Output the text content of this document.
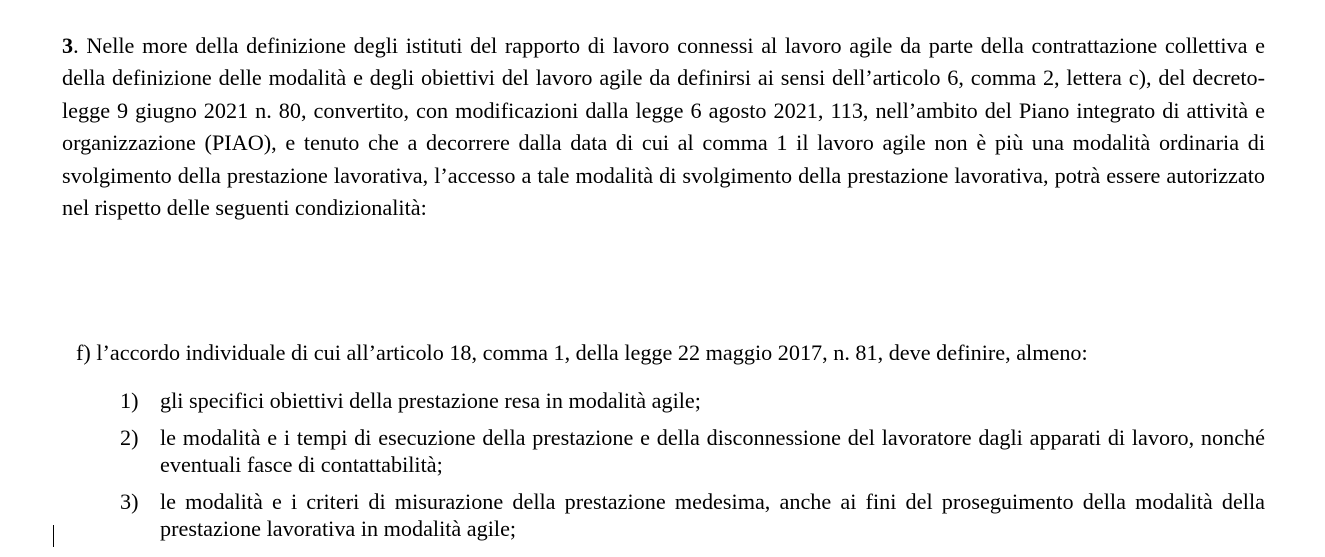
3. Nelle more della definizione degli istituti del rapporto di lavoro connessi al lavoro agile da parte della contrattazione collettiva e della definizione delle modalità e degli obiettivi del lavoro agile da definirsi ai sensi dell’articolo 6, comma 2, lettera c), del decreto-legge 9 giugno 2021 n. 80, convertito, con modificazioni dalla legge 6 agosto 2021, 113, nell’ambito del Piano integrato di attività e organizzazione (PIAO), e tenuto che a decorrere dalla data di cui al comma 1 il lavoro agile non è più una modalità ordinaria di svolgimento della prestazione lavorativa, l’accesso a tale modalità di svolgimento della prestazione lavorativa, potrà essere autorizzato nel rispetto delle seguenti condizionalità:

f) l’accordo individuale di cui all’articolo 18, comma 1, della legge 22 maggio 2017, n. 81, deve definire, almeno:

1) gli specifici obiettivi della prestazione resa in modalità agile;
2) le modalità e i tempi di esecuzione della prestazione e della disconnessione del lavoratore dagli apparati di lavoro, nonché eventuali fasce di contattabilità;
3) le modalità e i criteri di misurazione della prestazione medesima, anche ai fini del proseguimento della modalità della prestazione lavorativa in modalità agile;
